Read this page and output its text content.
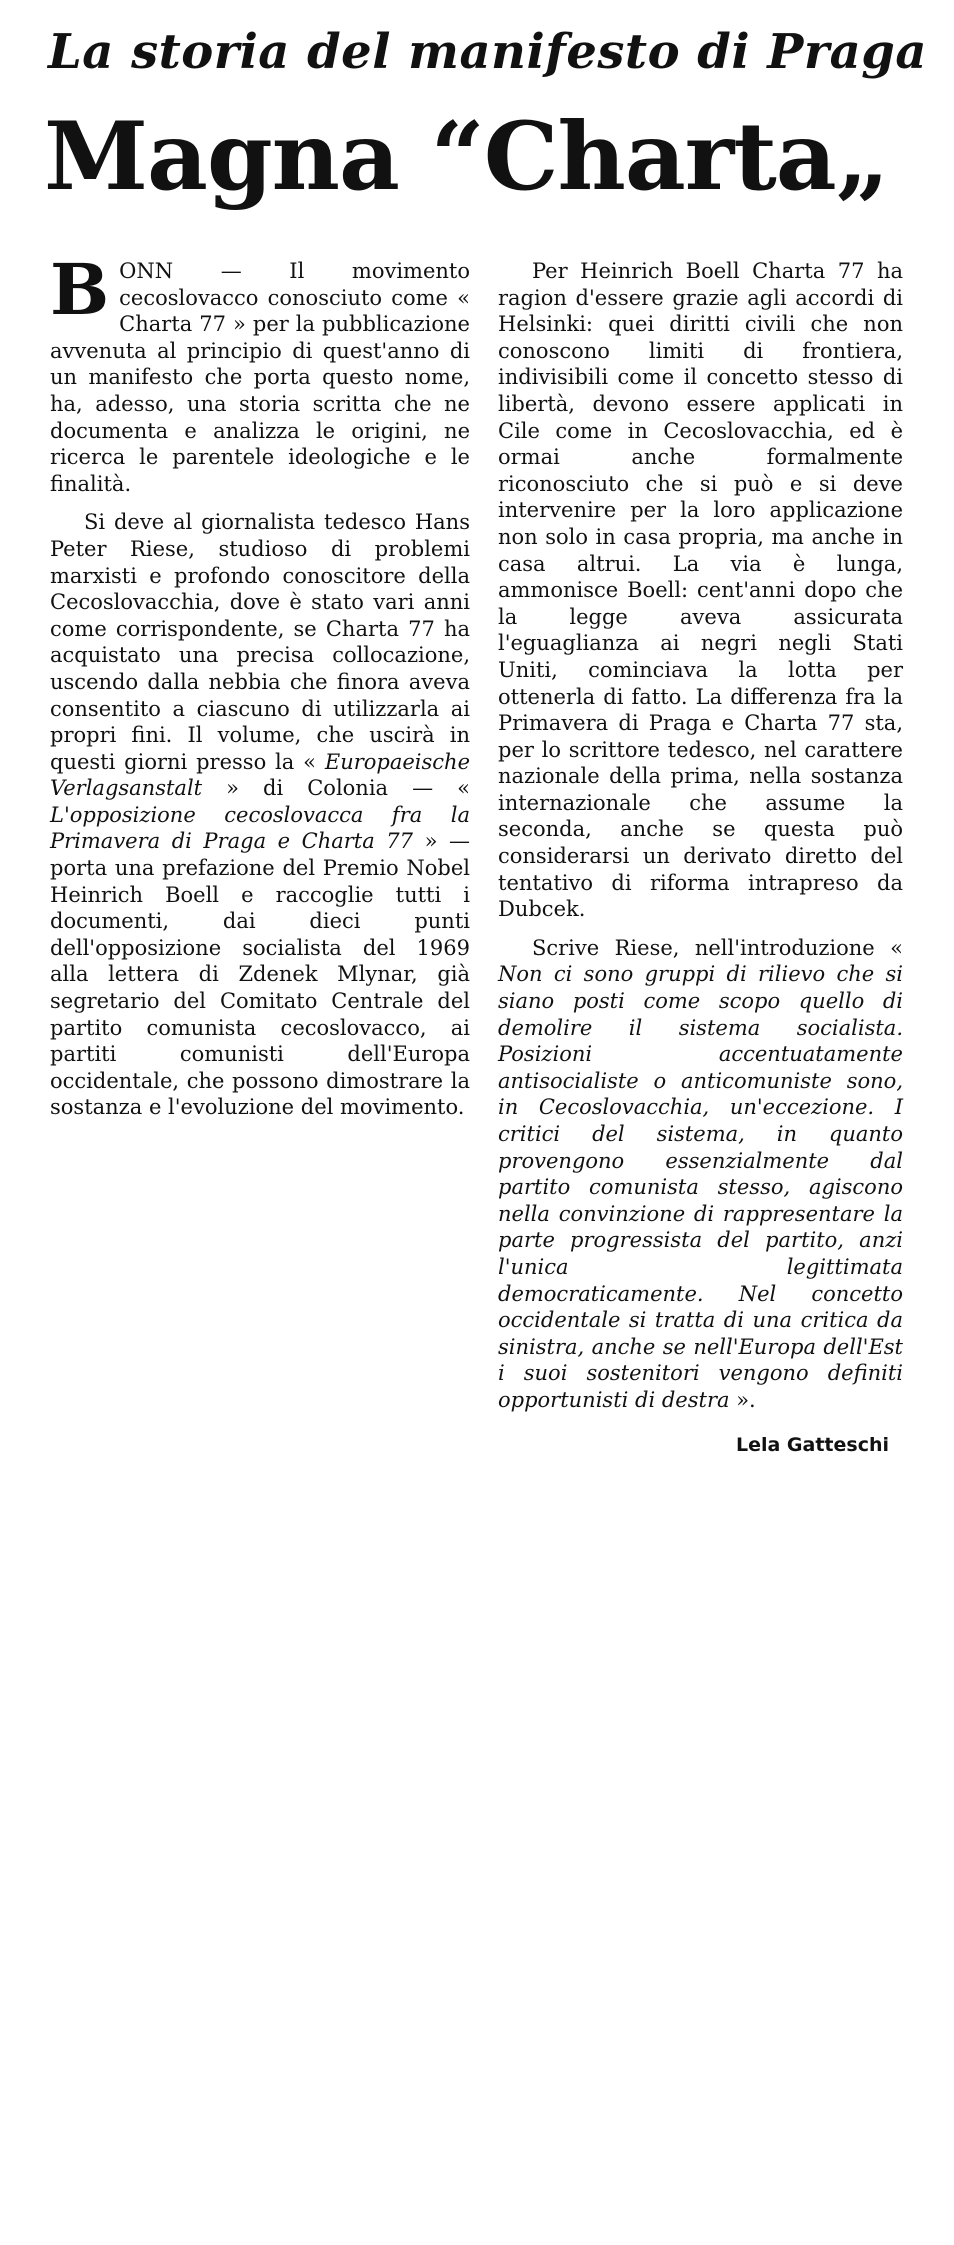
La storia del manifesto di Praga
Magna “Charta„

B ONN — Il movimento cecoslovacco conosciuto come « Charta 77 » per la pubblicazione avvenuta al principio di quest'anno di un manifesto che porta questo nome, ha, adesso, una storia scritta che ne documenta e analizza le origini, ne ricerca le parentele ideologiche e le finalità.

Si deve al giornalista tedesco Hans Peter Riese, studioso di problemi marxisti e profondo conoscitore della Cecoslovacchia, dove è stato vari anni come corrispondente, se Charta 77 ha acquistato una precisa collocazione, uscendo dalla nebbia che finora aveva consentito a ciascuno di utilizzarla ai propri fini. Il volume, che uscirà in questi giorni presso la « Europaeische Verlagsanstalt » di Colonia — « L'opposizione cecoslovacca fra la Primavera di Praga e Charta 77 » — porta una prefazione del Premio Nobel Heinrich Boell e raccoglie tutti i documenti, dai dieci punti dell'opposizione socialista del 1969 alla lettera di Zdenek Mlynar, già segretario del Comitato Centrale del partito comunista cecoslovacco, ai partiti comunisti dell'Europa occidentale, che possono dimostrare la sostanza e l'evoluzione del movimento.

Per Heinrich Boell Charta 77 ha ragion d'essere grazie agli accordi di Helsinki: quei diritti civili che non conoscono limiti di frontiera, indivisibili come il concetto stesso di libertà, devono essere applicati in Cile come in Cecoslovacchia, ed è ormai anche formalmente riconosciuto che si può e si deve intervenire per la loro applicazione non solo in casa propria, ma anche in casa altrui. La via è lunga, ammonisce Boell: cent'anni dopo che la legge aveva assicurata l'eguaglianza ai negri negli Stati Uniti, cominciava la lotta per ottenerla di fatto. La differenza fra la Primavera di Praga e Charta 77 sta, per lo scrittore tedesco, nel carattere nazionale della prima, nella sostanza internazionale che assume la seconda, anche se questa può considerarsi un derivato diretto del tentativo di riforma intrapreso da Dubcek.

Scrive Riese, nell'introduzione « Non ci sono gruppi di rilievo che si siano posti come scopo quello di demolire il sistema socialista. Posizioni accentuatamente antisocialiste o anticomuniste sono, in Cecoslovacchia, un'eccezione. I critici del sistema, in quanto provengono essenzialmente dal partito comunista stesso, agiscono nella convinzione di rappresentare la parte progressista del partito, anzi l'unica legittimata democraticamente. Nel concetto occidentale si tratta di una critica da sinistra, anche se nell'Europa dell'Est i suoi sostenitori vengono definiti opportunisti di destra ».

Lela Gatteschi
